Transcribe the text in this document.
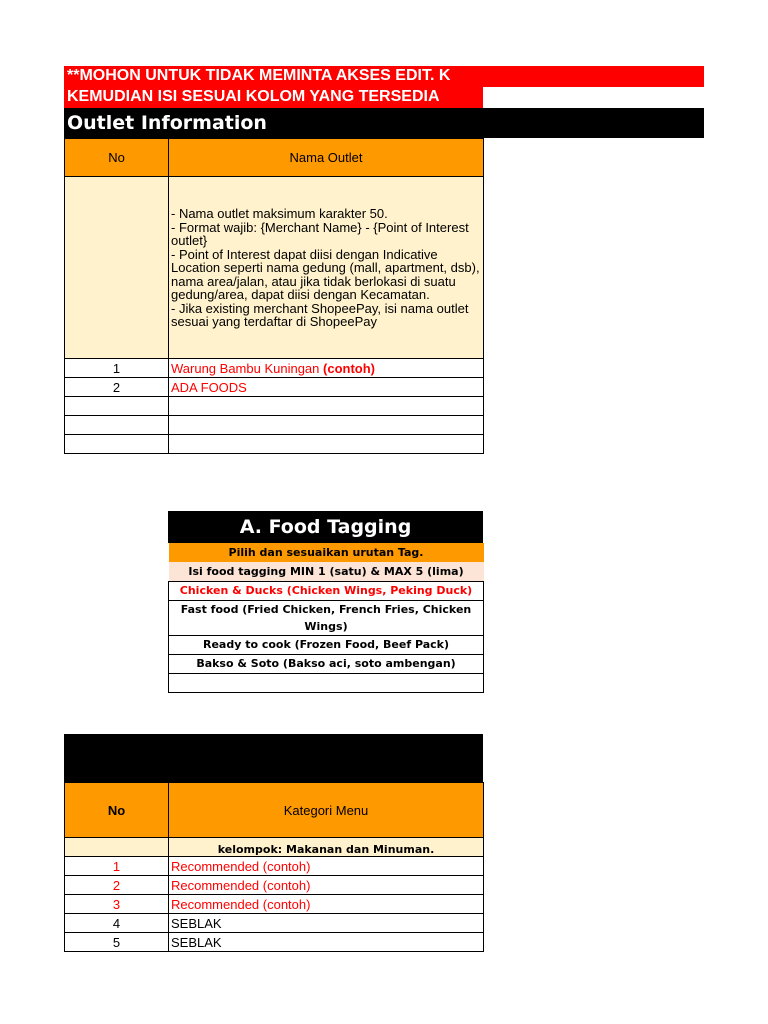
**MOHON UNTUK TIDAK MEMINTA AKSES EDIT. K
KEMUDIAN ISI SESUAI KOLOM YANG TERSEDIA
Outlet Information
No	Nama Outlet
	- Nama outlet maksimum karakter 50.
- Format wajib: {Merchant Name} - {Point of Interest outlet}
- Point of Interest dapat diisi dengan Indicative Location seperti nama gedung (mall, apartment, dsb), nama area/jalan, atau jika tidak berlokasi di suatu gedung/area, dapat diisi dengan Kecamatan.
- Jika existing merchant ShopeePay, isi nama outlet sesuai yang terdaftar di ShopeePay
1	Warung Bambu Kuningan (contoh)
2	ADA FOODS

A. Food Tagging
Pilih dan sesuaikan urutan Tag.
Isi food tagging MIN 1 (satu) & MAX 5 (lima)
Chicken & Ducks (Chicken Wings, Peking Duck)
Fast food (Fried Chicken, French Fries, Chicken Wings)
Ready to cook (Frozen Food, Beef Pack)
Bakso & Soto (Bakso aci, soto ambengan)

No	Kategori Menu
	kelompok: Makanan dan Minuman.
1	Recommended (contoh)
2	Recommended (contoh)
3	Recommended (contoh)
4	SEBLAK
5	SEBLAK
